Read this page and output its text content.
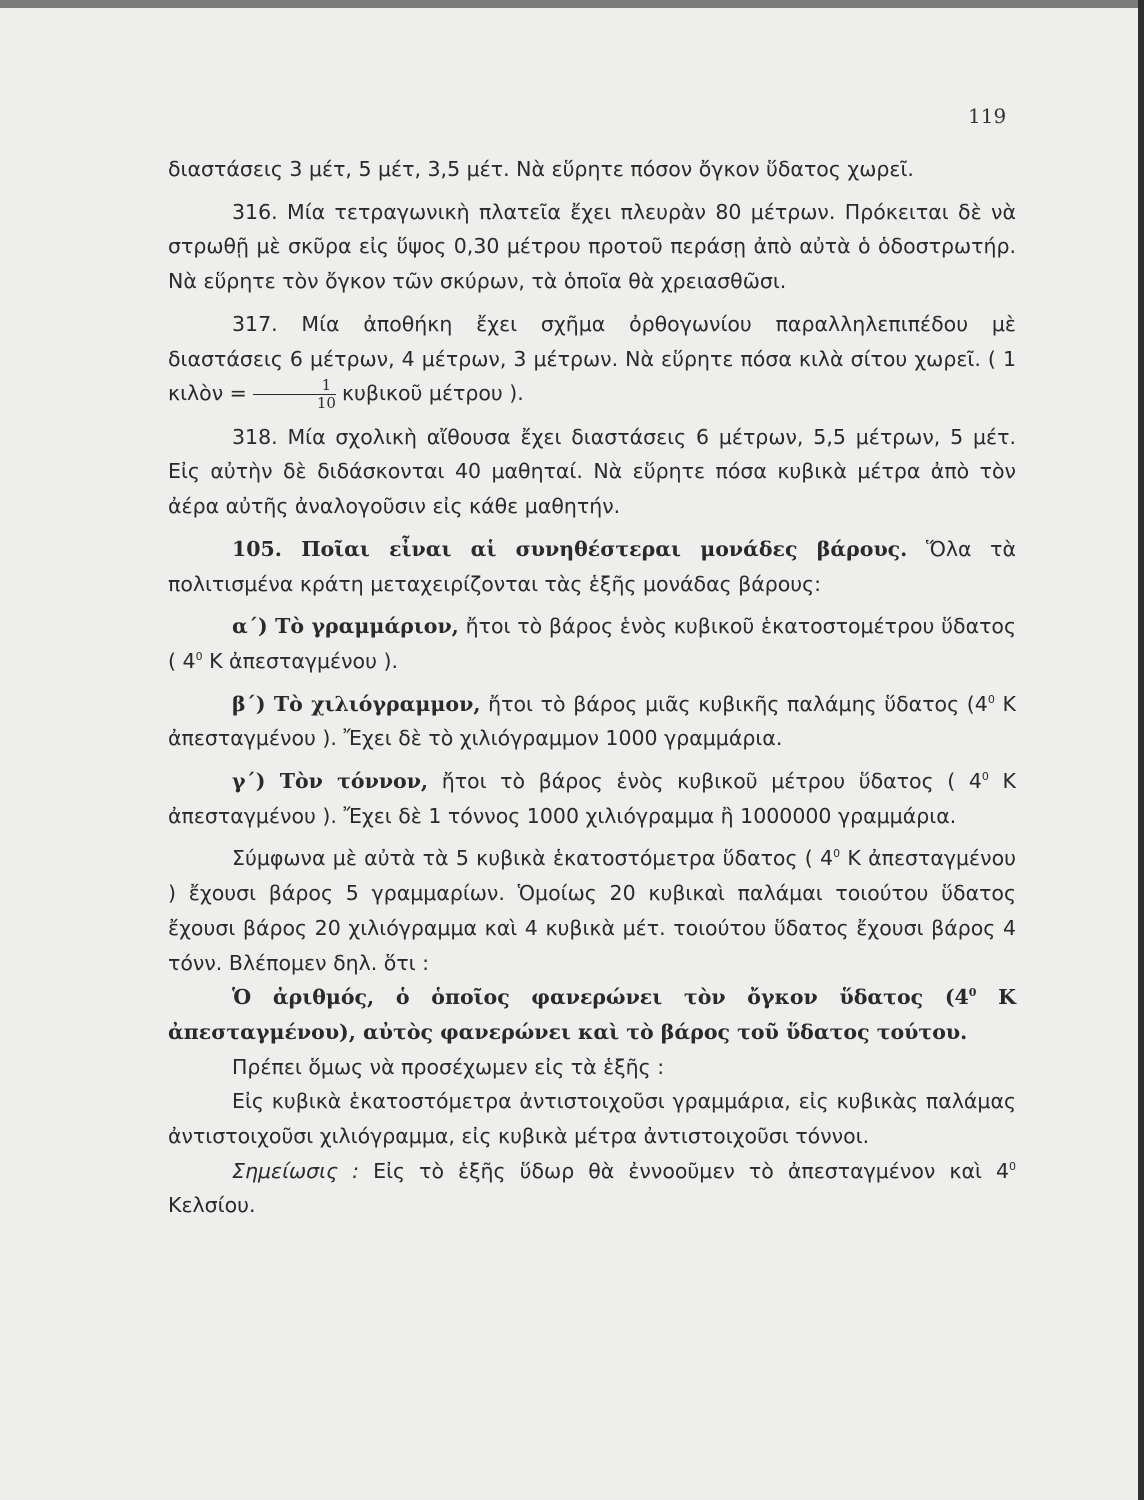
119

διαστάσεις 3 μέτ, 5 μέτ, 3,5 μέτ. Νὰ εὕρητε πόσον ὄγκον ὕδατος χωρεῖ.

316. Μία τετραγωνικὴ πλατεῖα ἔχει πλευρὰν 80 μέτρων. Πρόκειται δὲ νὰ στρωθῇ μὲ σκῦρα εἰς ὕψος 0,30 μέτρου προτοῦ περάσῃ ἀπὸ αὐτὰ ὁ ὁδοστρωτήρ. Νὰ εὕρητε τὸν ὄγκον τῶν σκύρων, τὰ ὁποῖα θὰ χρειασθῶσι.

317. Μία ἀποθήκη ἔχει σχῆμα ὀρθογωνίου παραλληλεπιπέδου μὲ διαστάσεις 6 μέτρων, 4 μέτρων, 3 μέτρων. Νὰ εὕρητε πόσα κιλὰ σίτου χωρεῖ. ( 1 κιλὸν = $\frac{1}{10}$ κυβικοῦ μέτρου ).

318. Μία σχολικὴ αἴθουσα ἔχει διαστάσεις 6 μέτρων, 5,5 μέτρων, 5 μέτ. Εἰς αὐτὴν δὲ διδάσκονται 40 μαθηταί. Νὰ εὕρητε πόσα κυβικὰ μέτρα ἀπὸ τὸν ἀέρα αὐτῆς ἀναλογοῦσιν εἰς κάθε μαθητήν.

105. Ποῖαι εἶναι αἱ συνηθέστεραι μονάδες βάρους. Ὅλα τὰ πολιτισμένα κράτη μεταχειρίζονται τὰς ἑξῆς μονάδας βάρους:

α΄) Τὸ γραμμάριον, ἤτοι τὸ βάρος ἑνὸς κυβικοῦ ἑκατοστομέτρου ὕδατος ( $4^0$ Κ ἀπεσταγμένου ).

β΄) Τὸ χιλιόγραμμον, ἤτοι τὸ βάρος μιᾶς κυβικῆς παλάμης ὕδατος ($4^0$ Κ ἀπεσταγμένου ). Ἔχει δὲ τὸ χιλιόγραμμον 1000 γραμμάρια.

γ΄) Τὸν τόννον, ἤτοι τὸ βάρος ἑνὸς κυβικοῦ μέτρου ὕδατος ( $4^0$ Κ ἀπεσταγμένου ). Ἔχει δὲ 1 τόννος 1000 χιλιόγραμμα ἢ 1000000 γραμμάρια.

Σύμφωνα μὲ αὐτὰ τὰ 5 κυβικὰ ἑκατοστόμετρα ὕδατος ( $4^0$ Κ ἀπεσταγμένου ) ἔχουσι βάρος 5 γραμμαρίων. Ὁμοίως 20 κυβικαὶ παλάμαι τοιούτου ὕδατος ἔχουσι βάρος 20 χιλιόγραμμα καὶ 4 κυβικὰ μέτ. τοιούτου ὕδατος ἔχουσι βάρος 4 τόνν. Βλέπομεν δηλ. ὅτι :

Ὁ ἀριθμός, ὁ ὁποῖος φανερώνει τὸν ὄγκον ὕδατος ($4^0$ Κ ἀπεσταγμένου), αὐτὸς φανερώνει καὶ τὸ βάρος τοῦ ὕδατος τούτου.

Πρέπει ὅμως νὰ προσέχωμεν εἰς τὰ ἑξῆς :

Εἰς κυβικὰ ἑκατοστόμετρα ἀντιστοιχοῦσι γραμμάρια, εἰς κυβικὰς παλάμας ἀντιστοιχοῦσι χιλιόγραμμα, εἰς κυβικὰ μέτρα ἀντιστοιχοῦσι τόννοι.

Σημείωσις : Εἰς τὸ ἑξῆς ὕδωρ θὰ ἐννοοῦμεν τὸ ἀπεσταγμένον καὶ $4^0$ Κελσίου.
